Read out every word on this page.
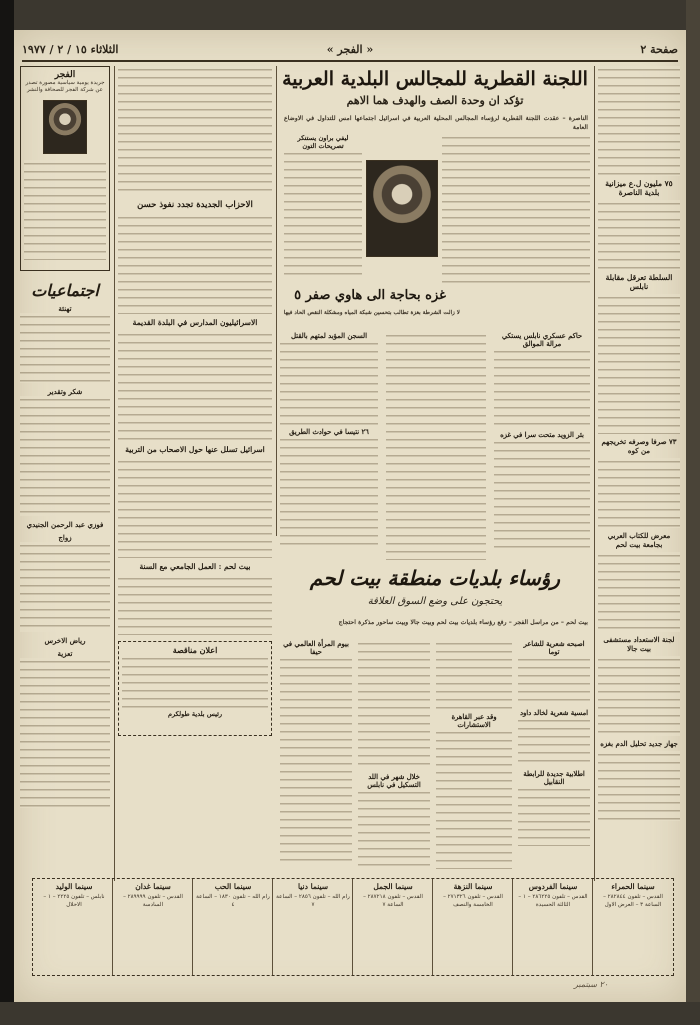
صفحة ٢
« الفجر »
الثلاثاء ١٥ / ٢ / ١٩٧٧
الفجر
جريدة يومية سياسية مصورة تصدر عن شركة الفجر للصحافة والنشر
اجتماعيات
تهنئة
شكر وتقدير
فوزي عبد الرحمن الجنيدي
زواج
رياض الاخرس
تعزية
الاحزاب الجديدة تجدد نفوذ حسن
الاسرائيليون المدارس في البلدة القديمة
اسرائيل تسلل عنها حول الاصحاب من التربية
بيت لحم : العمل الجامعي مع السنة
اعلان مناقصة
رئيس بلدية طولكرم
٧٥ مليون ل.ع ميزانية بلدية الناصرة
السلطة تعرقل مقابلة نابلس
٧٣ صرفا وصرفه تخريجهم من كوه
معرض للكتاب العربي بجامعة بيت لحم
لجنة الاستعداد مستشفى بيت جالا
جهاز جديد تحليل الدم بغزه
اللجنة القطرية للمجالس البلدية العربية
تؤكد ان وحدة الصف والهدف هما الاهم
الناصرة – عقدت اللجنة القطرية لرؤساء المجالس المحلية العربية في اسرائيل اجتماعها امس للتداول في الاوضاع العامة
ليفي براون يستنكر تصريحات التون
غزه بحاجة الى هاوي صفر ٥
لا زالت الشرطة بغزة تطالب بتحسين شبكة المياه ومشكلة النقص الحاد فيها
حاكم عسكري نابلس يستكي مرالة الموالق
بئر الزويد متحت سرا في غزه
السجن المؤبد لمتهم بالقتل
٢٦ نتيسا في حوادث الطريق
رؤساء بلديات منطقة بيت لحم
يحتجون على وضع السوق العلاقة
بيت لحم – من مراسل الفجر – رفع رؤساء بلديات بيت لحم وبيت جالا وبيت ساحور مذكرة احتجاج
اصبحه شعرية للشاعر توما
امسية شعرية لخالد داود
اطلابية جديدة للرابطة النقابيل
وقد عبر القاهرة الاستشارات
خلال شهر في اللد التسكيل في نابلس
بيوم المرأة العالمي في حيفا
سينما الحمراء
القدس – تلفون ٢٨٢٨٤٤ – الساعة ٣ – العرض الاول
سينما الفردوس
القدس – تلفون ٢٨٦٢٢٥ – ١ – الثالثة الحسيدة
سينما النزهة
القدس – تلفون ٢٧١٣٢٦ – الخامسة والنصف
سينما الجمل
القدس – تلفون ٢٨٧٢١٨ – الساعة ٧
سينما دنيا
رام الله – تلفون ٢٨٥٦ – الساعة ٧
سينما الحب
رام الله – تلفون ١٨٣٠ – الساعة ٤
سينما غدان
القدس – تلفون ٢٨٩٩٩٩ – السادسة
سينما الوليد
نابلس – تلفون ٢٢٢٥ – ١ – الاحلال
٢٠ سبتمبر
